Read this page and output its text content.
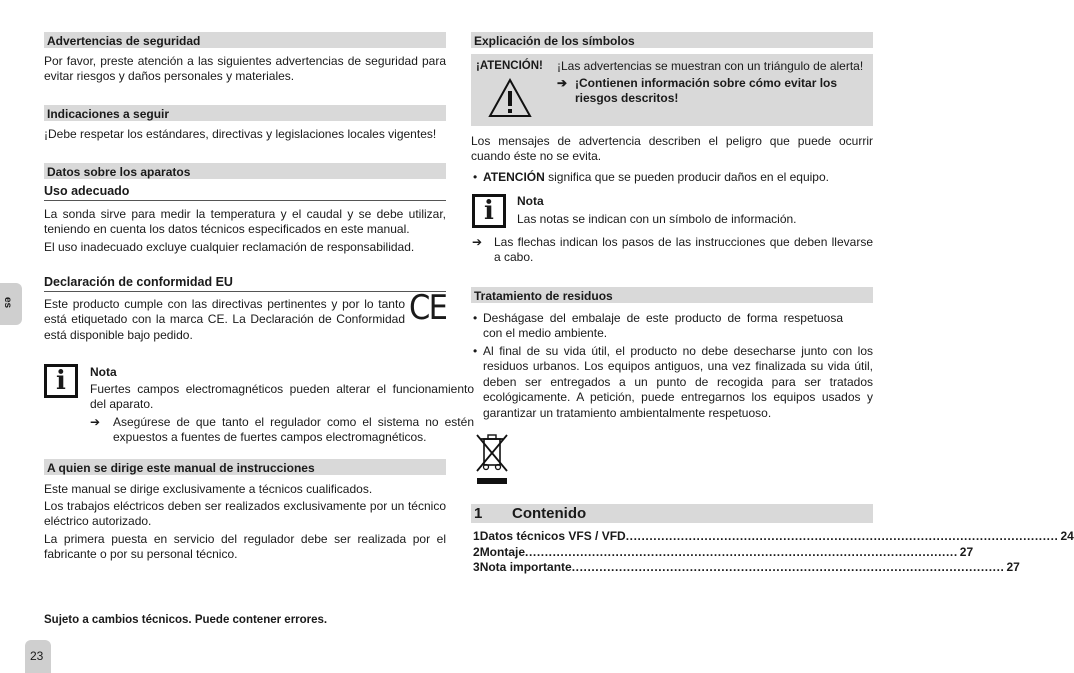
es
23
Advertencias de seguridad
Por favor, preste atención a las siguientes advertencias de seguridad para evitar riesgos y daños personales y materiales.
Indicaciones a seguir
¡Debe respetar los estándares, directivas y legislaciones locales vigentes!
Datos sobre los aparatos
Uso adecuado
La sonda sirve para medir la temperatura y el caudal y se debe utilizar, teniendo en cuenta los datos técnicos especificados en este manual.
El uso inadecuado excluye cualquier reclamación de responsabilidad.
Declaración de conformidad EU
Este producto cumple con las directivas pertinentes y por lo tanto está etiquetado con la marca CE. La Declaración de Conformidad está disponible bajo pedido.
CE
i	Nota
Fuertes campos electromagnéticos pueden alterar el funcionamiento del aparato.
➔ Asegúrese de que tanto el regulador como el sistema no estén expuestos a fuentes de fuertes campos electromagnéticos.
A quien se dirige este manual de instrucciones
Este manual se dirige exclusivamente a técnicos cualificados.
Los trabajos eléctricos deben ser realizados exclusivamente por un técnico eléctrico autorizado.
La primera puesta en servicio del regulador debe ser realizada por el fabricante o por su personal técnico.
Sujeto a cambios técnicos. Puede contener errores.
Explicación de los símbolos
¡ATENCIÓN! ¡Las advertencias se muestran con un triángulo de alerta!
➔ ¡Contienen información sobre cómo evitar los riesgos descritos!
Los mensajes de advertencia describen el peligro que puede ocurrir cuando éste no se evita.
• ATENCIÓN significa que se pueden producir daños en el equipo.
i	Nota
Las notas se indican con un símbolo de información.
➔ Las flechas indican los pasos de las instrucciones que deben llevarse a cabo.
Tratamiento de residuos
• Deshágase del embalaje de este producto de forma respetuosa con el medio ambiente.
• Al final de su vida útil, el producto no debe desecharse junto con los residuos urbanos. Los equipos antiguos, una vez finalizada su vida útil, deben ser entregados a un punto de recogida para ser tratados ecológicamente. A petición, puede entregarnos los equipos usados y garantizar un tratamiento ambientalmente respetuoso.
1 Contenido
1 Datos técnicos VFS / VFD .............................................................................................................. 24
2 Montaje .............................................................................................................. 27
3 Nota importante .............................................................................................................. 27
